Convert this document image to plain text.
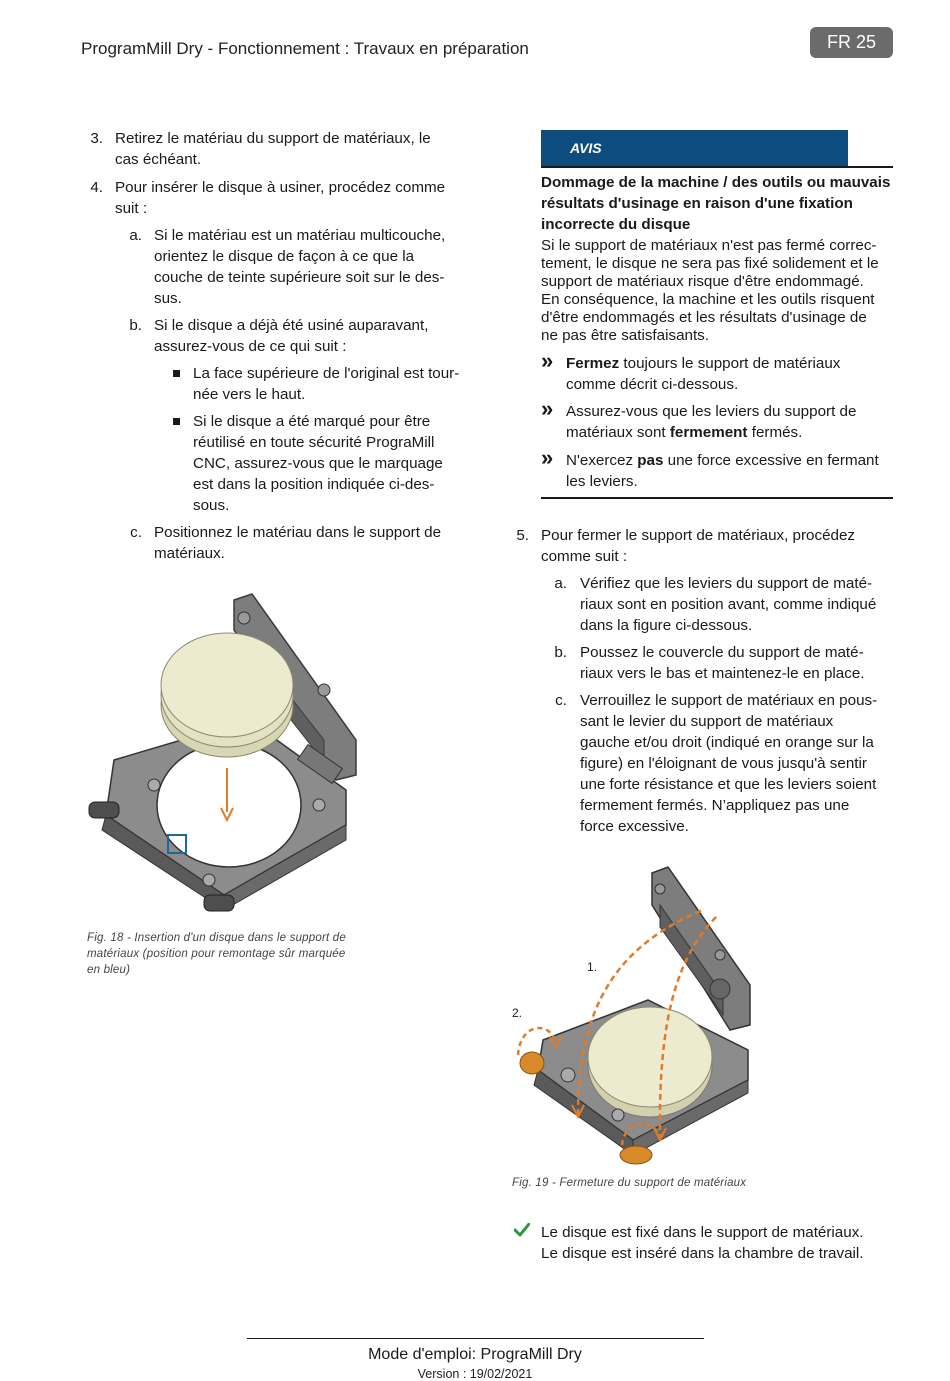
ProgramMill Dry - Fonctionnement : Travaux en préparation	FR 25
3. Retirez le matériau du support de matériaux, le
cas échéant.
4. Pour insérer le disque à usiner, procédez comme
suit :
a. Si le matériau est un matériau multicouche,
orientez le disque de façon à ce que la
couche de teinte supérieure soit sur le des-
sus.
b. Si le disque a déjà été usiné auparavant,
assurez-vous de ce qui suit :
La face supérieure de l'original est tour-
née vers le haut.
Si le disque a été marqué pour être
réutilisé en toute sécurité PrograMill
CNC, assurez-vous que le marquage
est dans la position indiquée ci-des-
sous.
c. Positionnez le matériau dans le support de
matériaux.
Fig. 18 - Insertion d'un disque dans le support de
matériaux (position pour remontage sûr marquée
en bleu)
AVIS
Dommage de la machine / des outils ou mauvais
résultats d'usinage en raison d'une fixation
incorrecte du disque
Si le support de matériaux n'est pas fermé correc-
tement, le disque ne sera pas fixé solidement et le
support de matériaux risque d'être endommagé.
En conséquence, la machine et les outils risquent
d'être endommagés et les résultats d'usinage de
ne pas être satisfaisants.
» Fermez toujours le support de matériaux
comme décrit ci-dessous.
» Assurez-vous que les leviers du support de
matériaux sont fermement fermés.
» N'exercez pas une force excessive en fermant
les leviers.
5. Pour fermer le support de matériaux, procédez
comme suit :
a. Vérifiez que les leviers du support de maté-
riaux sont en position avant, comme indiqué
dans la figure ci-dessous.
b. Poussez le couvercle du support de maté-
riaux vers le bas et maintenez-le en place.
c. Verrouillez le support de matériaux en pous-
sant le levier du support de matériaux
gauche et/ou droit (indiqué en orange sur la
figure) en l'éloignant de vous jusqu'à sentir
une forte résistance et que les leviers soient
fermement fermés. N’appliquez pas une
force excessive.
1.
2.
Fig. 19 - Fermeture du support de matériaux
Le disque est fixé dans le support de matériaux.
Le disque est inséré dans la chambre de travail.
Mode d'emploi: PrograMill Dry
Version : 19/02/2021
